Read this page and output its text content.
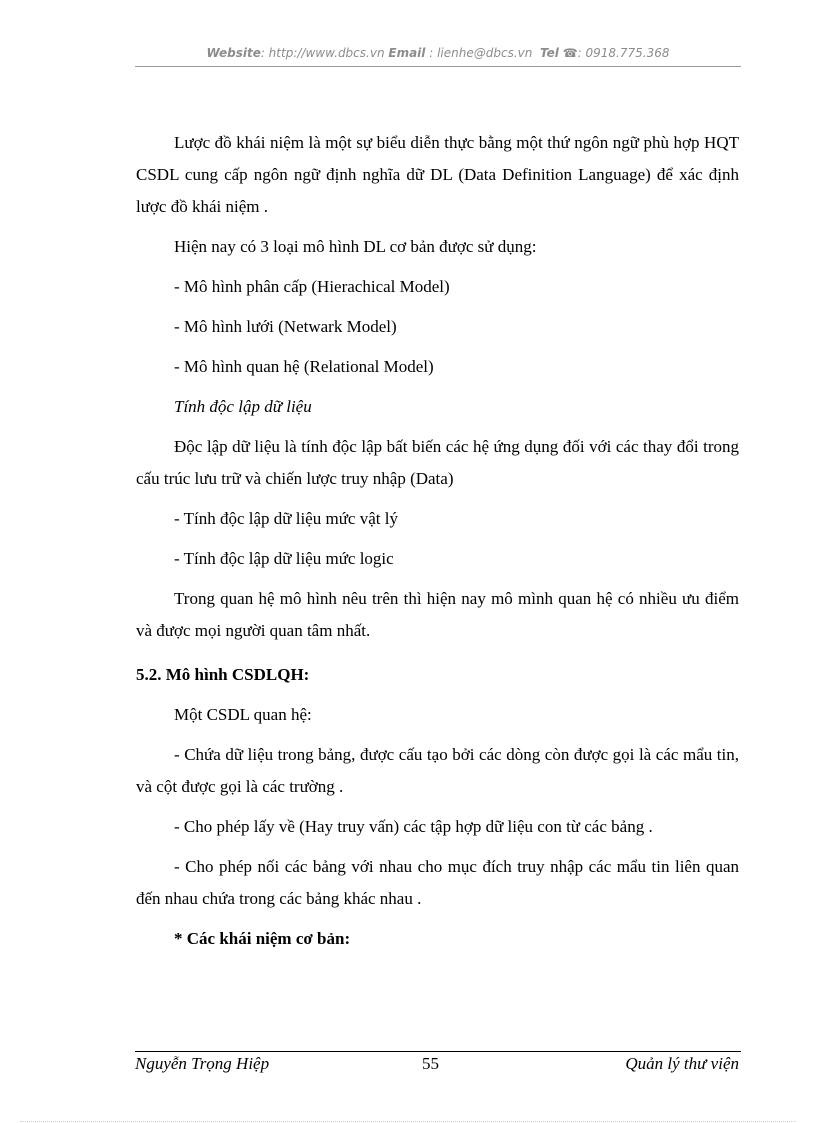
Website: http://www.dbcs.vn Email : lienhe@dbcs.vn Tel ☎: 0918.775.368

Lược đồ khái niệm là một sự biểu diễn thực bằng một thứ ngôn ngữ phù hợp HQT CSDL cung cấp ngôn ngữ định nghĩa dữ DL (Data Definition Language) để xác định lược đồ khái niệm .

Hiện nay có 3 loại mô hình DL cơ bản được sử dụng:

- Mô hình phân cấp (Hierachical Model)

- Mô hình lưới (Netwark Model)

- Mô hình quan hệ (Relational Model)

Tính độc lập dữ liệu

Độc lập dữ liệu là tính độc lập bất biến các hệ ứng dụng đối với các thay đổi trong cấu trúc lưu trữ và chiến lược truy nhập (Data)

- Tính độc lập dữ liệu mức vật lý

- Tính độc lập dữ liệu mức logic

Trong quan hệ mô hình nêu trên thì hiện nay mô mình quan hệ có nhiều ưu điểm và được mọi người quan tâm nhất.

5.2. Mô hình CSDLQH:

Một CSDL quan hệ:

- Chứa dữ liệu trong bảng, được cấu tạo bởi các dòng còn được gọi là các mẩu tin, và cột được gọi là các trường .

- Cho phép lấy về (Hay truy vấn) các tập hợp dữ liệu con từ các bảng .

- Cho phép nối các bảng với nhau cho mục đích truy nhập các mẩu tin liên quan đến nhau chứa trong các bảng khác nhau .

* Các khái niệm cơ bản:

Nguyễn Trọng Hiệp	55	Quản lý thư viện
